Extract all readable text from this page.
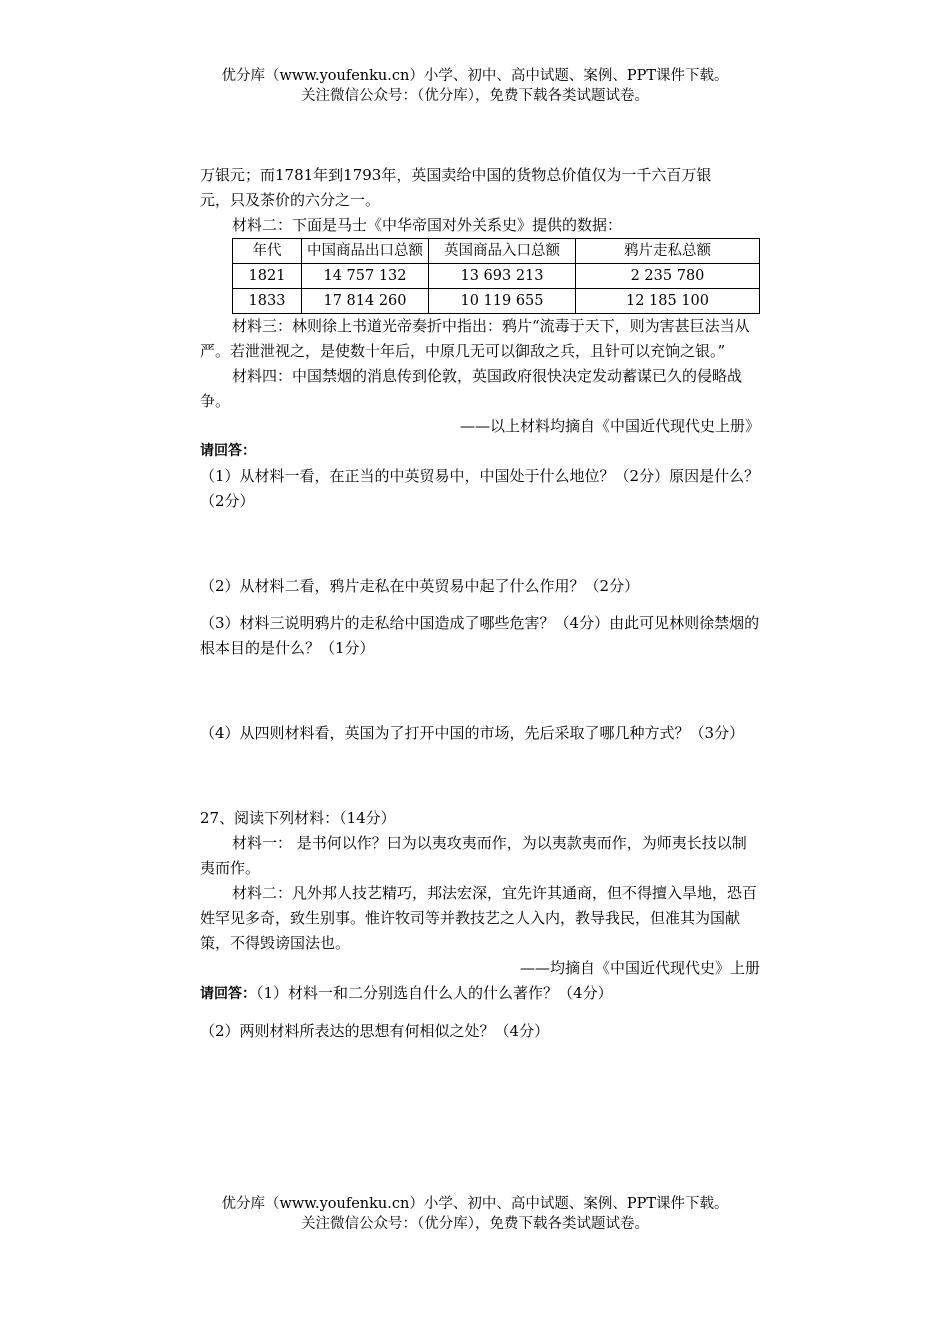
优分库（www.youfenku.cn）小学、初中、高中试题、案例、PPT课件下载。
关注微信公众号：（优分库），免费下载各类试题试卷。

万银元；而1781年到1793年，英国卖给中国的货物总价值仅为一千六百万银

元，只及茶价的六分之一。

材料二：下面是马士《中华帝国对外关系史》提供的数据：

年代	中国商品出口总额	英国商品入口总额	鸦片走私总额
1821	14 757 132	13 693 213	2 235 780
1833	17 814 260	10 119 655	12 185 100

材料三：林则徐上书道光帝奏折中指出：鸦片“流毒于天下，则为害甚巨法当从严。若泄泄视之，是使数十年后，中原几无可以御敌之兵，且针可以充饷之银。”

材料四：中国禁烟的消息传到伦敦，英国政府很快决定发动蓄谋已久的侵略战争。

——以上材料均摘自《中国近代现代史上册》

请回答：

（1）从材料一看，在正当的中英贸易中，中国处于什么地位？（2分）原因是什么？（2分）

（2）从材料二看，鸦片走私在中英贸易中起了什么作用？（2分）

（3）材料三说明鸦片的走私给中国造成了哪些危害？（4分）由此可见林则徐禁烟的根本目的是什么？（1分）

（4）从四则材料看，英国为了打开中国的市场，先后采取了哪几种方式？（3分）

27、阅读下列材料：（14分）

材料一： 是书何以作？曰为以夷攻夷而作，为以夷款夷而作，为师夷长技以制夷而作。

材料二：凡外邦人技艺精巧，邦法宏深，宜先许其通商，但不得擅入旱地，恐百姓罕见多奇，致生别事。惟许牧司等并教技艺之人入内，教导我民，但准其为国献策，不得毁谤国法也。

——均摘自《中国近代现代史》上册

请回答：（1）材料一和二分别选自什么人的什么著作？（4分）

（2）两则材料所表达的思想有何相似之处？（4分）

优分库（www.youfenku.cn）小学、初中、高中试题、案例、PPT课件下载。
关注微信公众号：（优分库），免费下载各类试题试卷。
